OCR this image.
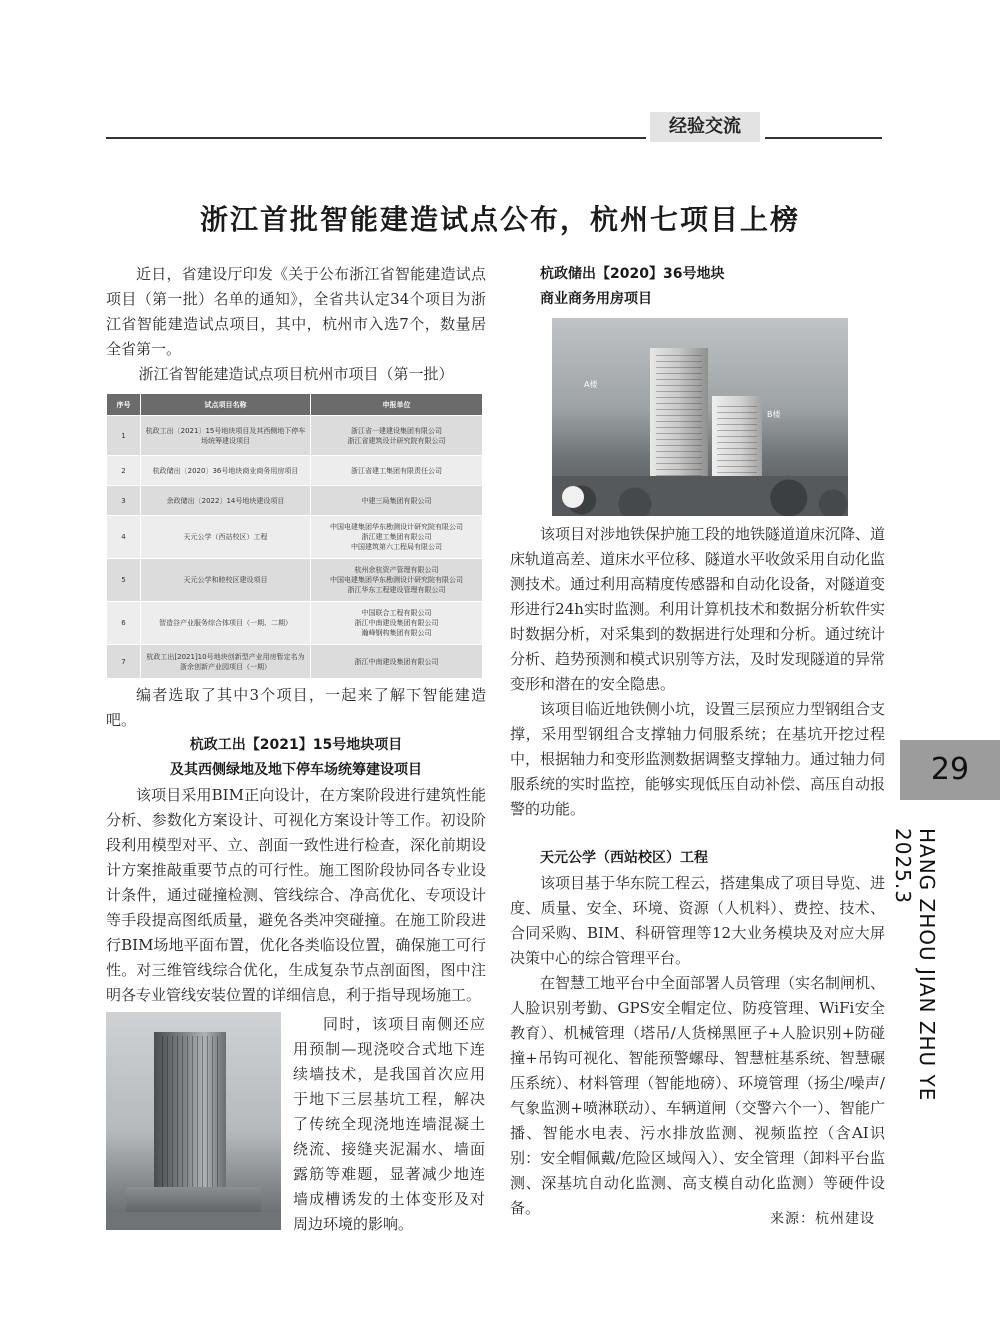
经验交流
浙江首批智能建造试点公布，杭州七项目上榜

近日，省建设厅印发《关于公布浙江省智能建造试点项目（第一批）名单的通知》，全省共认定34个项目为浙江省智能建造试点项目，其中，杭州市入选7个，数量居全省第一。

浙江省智能建造试点项目杭州市项目（第一批）

序号	试点项目名称	申报单位
1	杭政工出〔2021〕15号地块项目及其西侧地下停车场统筹建设项目	浙江省一建建设集团有限公司
浙江省建筑设计研究院有限公司

2	杭政储出〔2020〕36号地块商业商务用房项目	浙江省建工集团有限责任公司

3	余政储出〔2022〕14号地块建设项目	中建三局集团有限公司

4	天元公学（西站校区）工程	中国电建集团华东勘测设计研究院有限公司
浙江建工集团有限公司
中国建筑第六工程局有限公司

5	天元公学和睦校区建设项目	杭州余杭资产管理有限公司
中国电建集团华东勘测设计研究院有限公司
浙江华东工程建设管理有限公司

6	智造谷产业服务综合体项目（一期、二期）	中国联合工程有限公司
浙江中南建设集团有限公司
瀚峰钢构集团有限公司

7	杭政工出[2021]10号地块创新型产业用房暂定名为浙余创新产业园项目（一期）	浙江中南建设集团有限公司

编者选取了其中3个项目，一起来了解下智能建造吧。

杭政工出【2021】15号地块项目

及其西侧绿地及地下停车场统筹建设项目

该项目采用BIM正向设计，在方案阶段进行建筑性能分析、参数化方案设计、可视化方案设计等工作。初设阶段利用模型对平、立、剖面一致性进行检查，深化前期设计方案推敲重要节点的可行性。施工图阶段协同各专业设计条件，通过碰撞检测、管线综合、净高优化、专项设计等手段提高图纸质量，避免各类冲突碰撞。在施工阶段进行BIM场地平面布置，优化各类临设位置，确保施工可行性。对三维管线综合优化，生成复杂节点剖面图，图中注明各专业管线安装位置的详细信息，利于指导现场施工。

同时，该项目南侧还应用预制—现浇咬合式地下连续墙技术，是我国首次应用于地下三层基坑工程，解决了传统全现浇地连墙混凝土绕流、接缝夹泥漏水、墙面露筋等难题，显著减少地连墙成槽诱发的土体变形及对周边环境的影响。

杭政储出【2020】36号地块

商业商务用房项目

A楼
B楼

该项目对涉地铁保护施工段的地铁隧道道床沉降、道床轨道高差、道床水平位移、隧道水平收敛采用自动化监测技术。通过利用高精度传感器和自动化设备，对隧道变形进行24h实时监测。利用计算机技术和数据分析软件实时数据分析，对采集到的数据进行处理和分析。通过统计分析、趋势预测和模式识别等方法，及时发现隧道的异常变形和潜在的安全隐患。

该项目临近地铁侧小坑，设置三层预应力型钢组合支撑，采用型钢组合支撑轴力伺服系统；在基坑开挖过程中，根据轴力和变形监测数据调整支撑轴力。通过轴力伺服系统的实时监控，能够实现低压自动补偿、高压自动报警的功能。

天元公学（西站校区）工程

该项目基于华东院工程云，搭建集成了项目导览、进度、质量、安全、环境、资源（人机料）、费控、技术、合同采购、BIM、科研管理等12大业务模块及对应大屏决策中心的综合管理平台。

在智慧工地平台中全面部署人员管理（实名制闸机、人脸识别考勤、GPS安全帽定位、防疫管理、WiFi安全教育）、机械管理（塔吊/人货梯黑匣子+人脸识别+防碰撞+吊钩可视化、智能预警螺母、智慧桩基系统、智慧碾压系统）、材料管理（智能地磅）、环境管理（扬尘/噪声/气象监测+喷淋联动）、车辆道闸（交警六个一）、智能广播、智能水电表、污水排放监测、视频监控（含AI识别：安全帽佩戴/危险区域闯入）、安全管理（卸料平台监测、深基坑自动化监测、高支模自动化监测）等硬件设备。

来源：杭州建设
29
HANG ZHOU JIAN ZHU YE 2025.3
